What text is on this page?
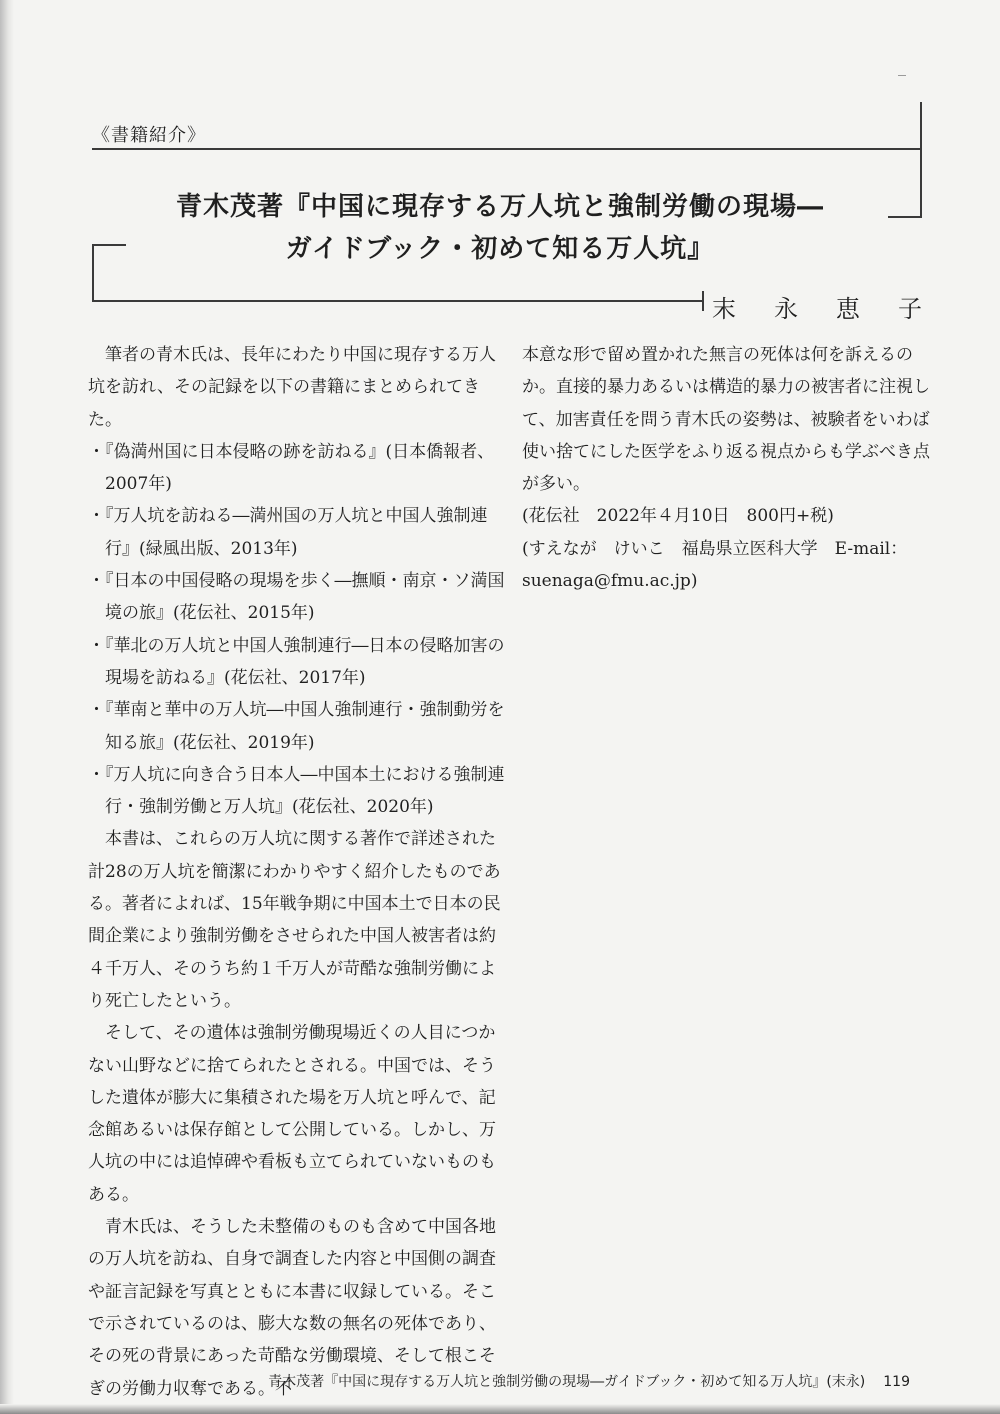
《書籍紹介》
青木茂著『中国に現存する万人坑と強制労働の現場―
ガイドブック・初めて知る万人坑』
末 永 恵 子

筆者の青木氏は、長年にわたり中国に現存する万人坑を訪れ、その記録を以下の書籍にまとめられてきた。

・『偽満州国に日本侵略の跡を訪ねる』(日本僑報者、2007年)

・『万人坑を訪ねる―満州国の万人坑と中国人強制連行』(緑風出版、2013年)

・『日本の中国侵略の現場を歩く―撫順・南京・ソ満国境の旅』(花伝社、2015年)

・『華北の万人坑と中国人強制連行―日本の侵略加害の現場を訪ねる』(花伝社、2017年)

・『華南と華中の万人坑―中国人強制連行・強制動労を知る旅』(花伝社、2019年)

・『万人坑に向き合う日本人―中国本土における強制連行・強制労働と万人坑』(花伝社、2020年)

本書は、これらの万人坑に関する著作で詳述された計28の万人坑を簡潔にわかりやすく紹介したものである。著者によれば、15年戦争期に中国本土で日本の民間企業により強制労働をさせられた中国人被害者は約４千万人、そのうち約１千万人が苛酷な強制労働により死亡したという。

そして、その遺体は強制労働現場近くの人目につかない山野などに捨てられたとされる。中国では、そうした遺体が膨大に集積された場を万人坑と呼んで、記念館あるいは保存館として公開している。しかし、万人坑の中には追悼碑や看板も立てられていないものもある。

青木氏は、そうした未整備のものも含めて中国各地の万人坑を訪ね、自身で調査した内容と中国側の調査や証言記録を写真とともに本書に収録している。そこで示されているのは、膨大な数の無名の死体であり、その死の背景にあった苛酷な労働環境、そして根こそぎの労働力収奪である。不

本意な形で留め置かれた無言の死体は何を訴えるのか。直接的暴力あるいは構造的暴力の被害者に注視して、加害責任を問う青木氏の姿勢は、被験者をいわば使い捨てにした医学をふり返る視点からも学ぶべき点が多い。

(花伝社　2022年４月10日　800円+税)

(すえなが　けいこ　福島県立医科大学　E-mail：suenaga@fmu.ac.jp)

青木茂著『中国に現存する万人坑と強制労働の現場―ガイドブック・初めて知る万人坑』(末永) 119
